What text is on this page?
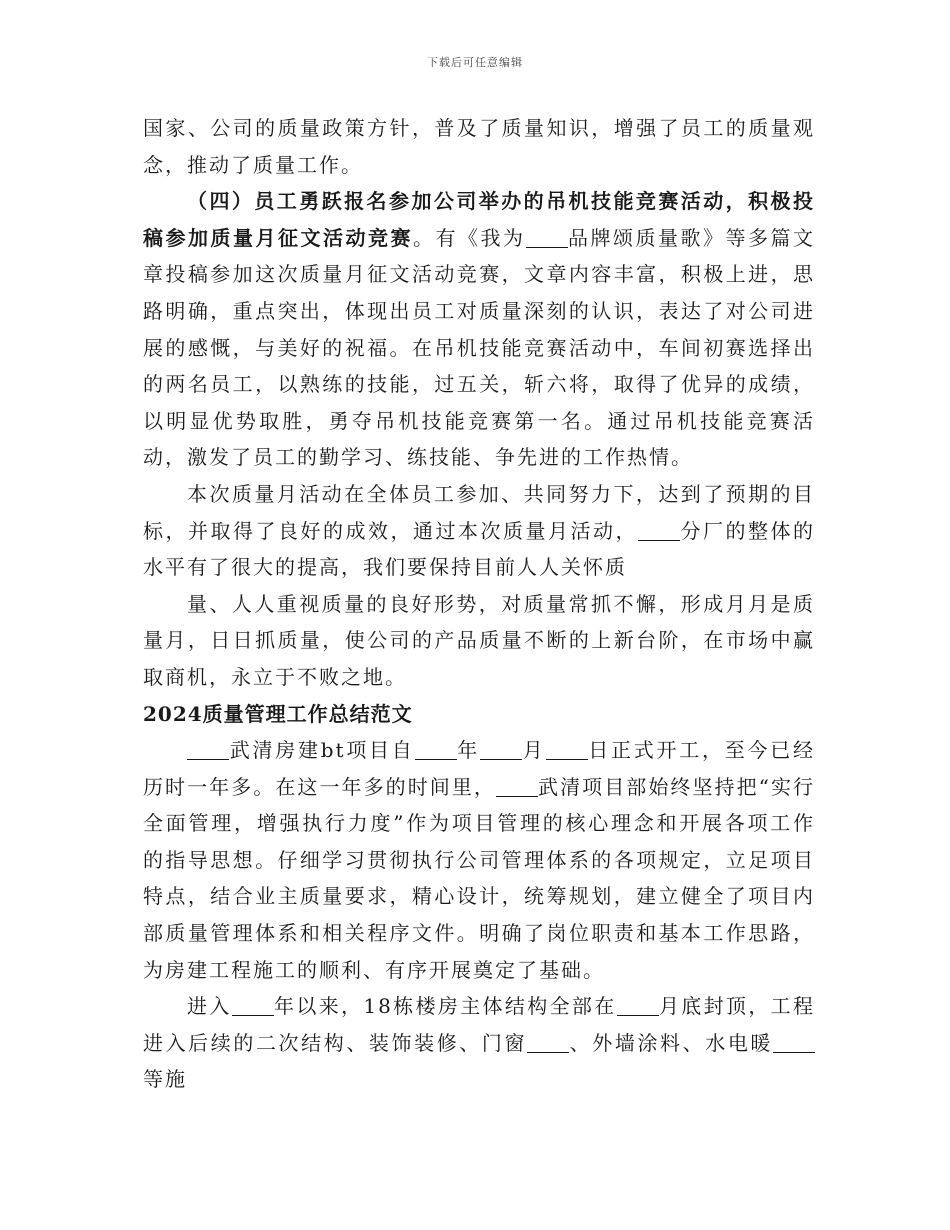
下载后可任意编辑

国家、公司的质量政策方针，普及了质量知识，增强了员工的质量观念，推动了质量工作。

（四）员工勇跃报名参加公司举办的吊机技能竞赛活动，积极投稿参加质量月征文活动竞赛。有《我为 品牌颂质量歌》等多篇文章投稿参加这次质量月征文活动竞赛，文章内容丰富，积极上进，思路明确，重点突出，体现出员工对质量深刻的认识，表达了对公司进展的感慨，与美好的祝福。在吊机技能竞赛活动中，车间初赛选择出的两名员工，以熟练的技能，过五关，斩六将，取得了优异的成绩，以明显优势取胜，勇夺吊机技能竞赛第一名。通过吊机技能竞赛活动，激发了员工的勤学习、练技能、争先进的工作热情。

本次质量月活动在全体员工参加、共同努力下，达到了预期的目标，并取得了良好的成效，通过本次质量月活动， 分厂的整体的水平有了很大的提高，我们要保持目前人人关怀质

量、人人重视质量的良好形势，对质量常抓不懈，形成月月是质量月，日日抓质量，使公司的产品质量不断的上新台阶，在市场中赢取商机，永立于不败之地。

2024质量管理工作总结范文

武清房建bt项目自 年 月 日正式开工，至今已经历时一年多。在这一年多的时间里， 武清项目部始终坚持把“实行全面管理，增强执行力度”作为项目管理的核心理念和开展各项工作的指导思想。仔细学习贯彻执行公司管理体系的各项规定，立足项目特点，结合业主质量要求，精心设计，统筹规划，建立健全了项目内部质量管理体系和相关程序文件。明确了岗位职责和基本工作思路，为房建工程施工的顺利、有序开展奠定了基础。

进入 年以来，18栋楼房主体结构全部在 月底封顶，工程进入后续的二次结构、装饰装修、门窗 、外墙涂料、水电暖等施
